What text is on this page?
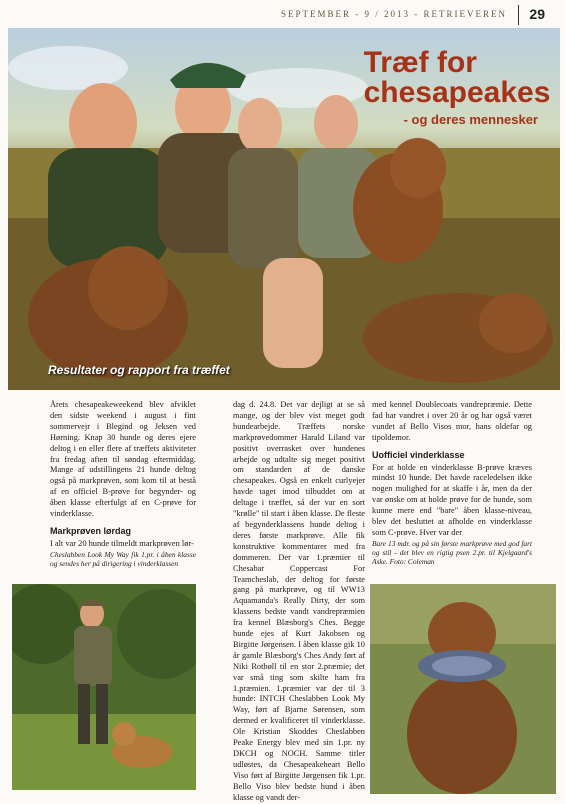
SEPTEMBER - 9 / 2013 - RETRIEVEREN 29
Træf for chesapeakes
- og deres mennesker
Resultater og rapport fra træffet

Årets chesapeakeweekend blev afviklet den sidste weekend i august i fint sommervejr i Blegind og Jeksen ved Hørning. Knap 30 hunde og deres ejere deltog i en eller flere af træffets aktiviteter fra fredag aften til søndag eftermiddag. Mange af udstillingens 21 hunde deltog også på markprøven, som kom til at bestå af en officiel B-prøve for begynder- og åben klasse efterfulgt af en C-prøve for vinderklasse.

Markprøven lørdag

I alt var 20 hunde tilmeldt markprøven lør-

Cheslabben Look My Way fik 1.pr. i åben klasse og sendes her på dirigering i vinderklassen

dag d. 24.8. Det var dejligt at se så mange, og der blev vist meget godt hundearbejde. Træffets norske markprøvedommer Harald Liland var positivt overrasket over hundenes arbejde og udtalte sig meget positivt om standarden af de danske chesapeakes. Også en enkelt curlyejer havde taget imod tilbuddet om at deltage i træffet, så der var en sort "krølle" til start i åben klasse. De fleste af begynderklassens hunde deltog i deres første markprøve. Alle fik konstruktive kommentarer med fra dommeren. Der var 1.præmier til Chesabar Coppercast For Teamcheslab, der deltog for første gang på markprøve, og til WW13 Aquamanda's Really Dirty, der som klassens bedste vandt vandrepræmien fra kennel Blæsborg's Ches. Begge hunde ejes af Kurt Jakobsen og Birgitte Jørgensen. I åben klasse gik 10 år gamle Blæsborg's Ches Andy ført af Niki Rotbøll til en stor 2.præmie; det var små ting som skilte ham fra 1.præmien. 1.præmier var der til 3 hunde: INTCH Cheslabben Look My Way, ført af Bjarne Sørensen, som dermed er kvalificeret til vinderklasse. Ole Kristian Skoddes Cheslabben Peake Energy blev med sin 1.pr. ny DKCH og NOCH. Samme titler udløstes, da Chesapeakeheart Bello Viso ført af Birgitte Jørgensen fik 1.pr. Bello Viso blev bedste hund i åben klasse og vandt der-

med kennel Doublecoats vandrepræmie. Dette fad har vandret i over 20 år og har også været vundet af Bello Visos mor, hans oldefar og tipoldemor.

Uofficiel vinderklasse

For at holde en vinderklasse B-prøve kræves mindst 10 hunde. Det havde raceledelsen ikke nogen mulighed for at skaffe i år, men da der var ønske om at holde prøve for de hunde, som kunne mere end "bare" åben klasse-niveau, blev det besluttet at afholde en vinderklasse som C-prøve. Hver var der

Bare 13 mdr. og på sin første markprøve med god fart og stil - det blev en rigtig psen 2.pr. til Kjelgaard's Aske. Foto: Coleman
